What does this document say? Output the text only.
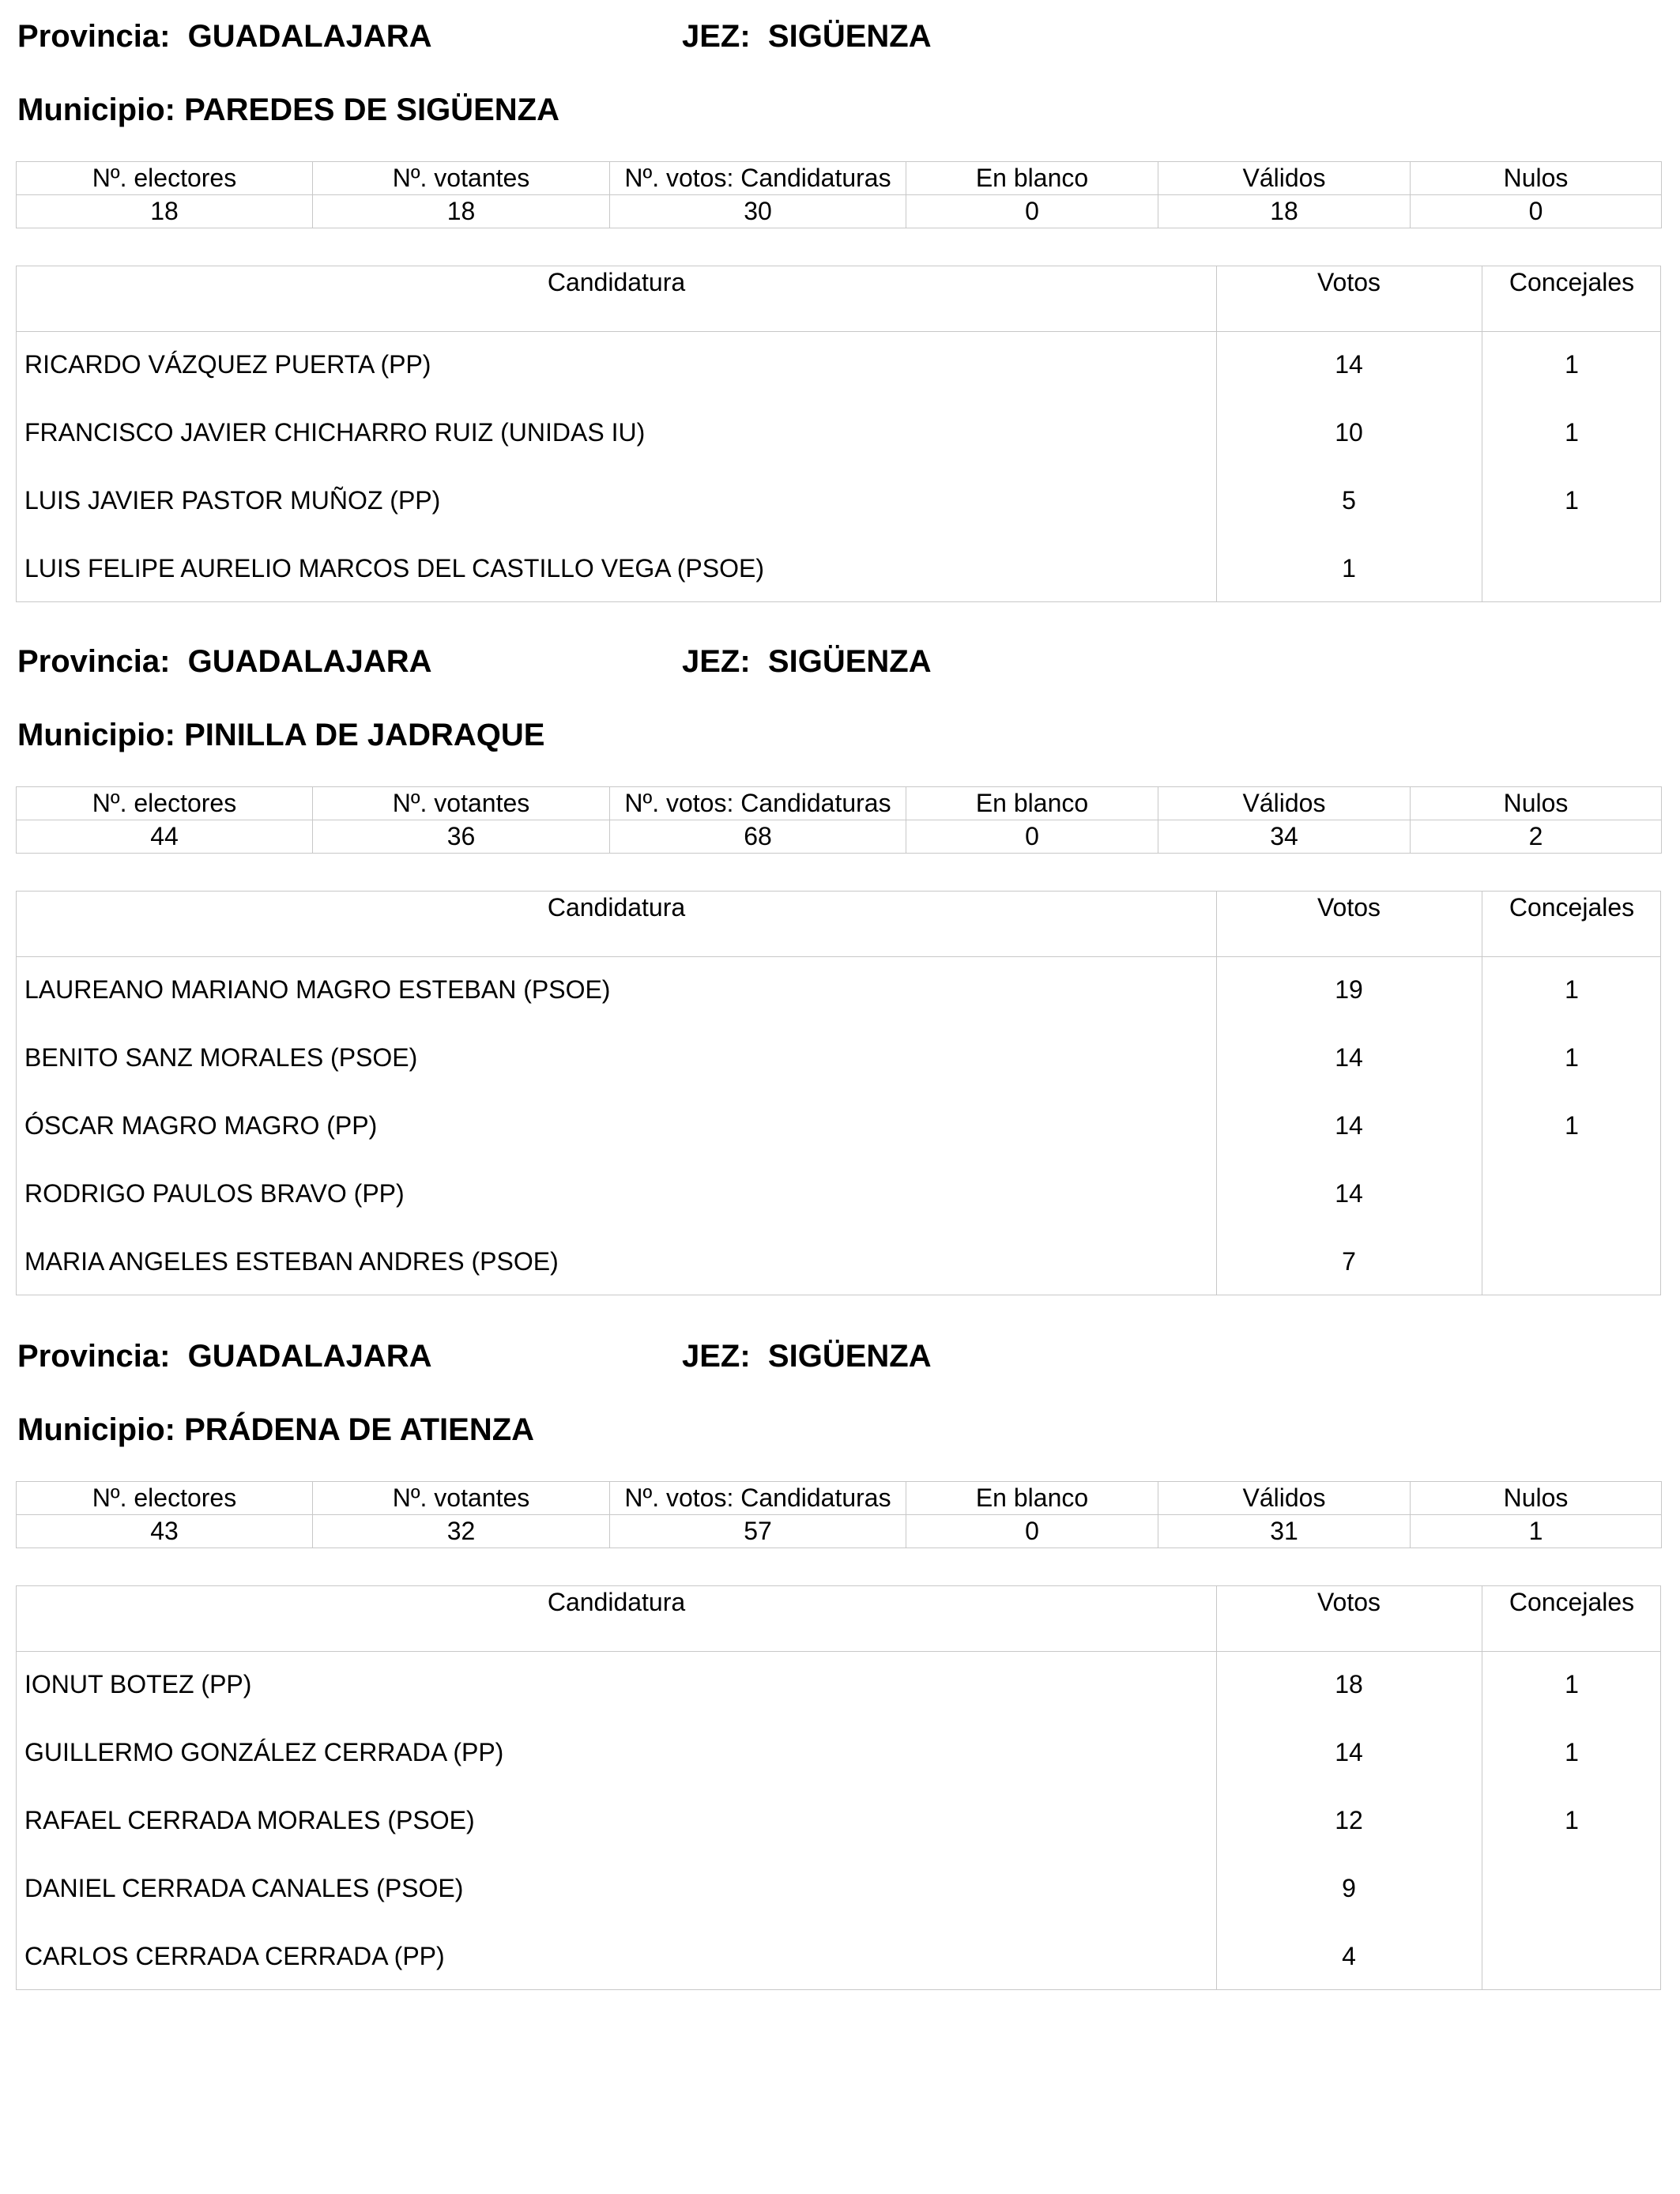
Provincia:  GUADALAJARA	JEZ:  SIGÜENZA
Municipio: PAREDES DE SIGÜENZA
Nº. electores	Nº. votantes	Nº. votos: Candidaturas	En blanco	Válidos	Nulos
18	18	30	0	18	0
Candidatura	Votos	Concejales
RICARDO VÁZQUEZ PUERTA (PP)	14	1
FRANCISCO JAVIER CHICHARRO RUIZ (UNIDAS IU)	10	1
LUIS JAVIER PASTOR MUÑOZ (PP)	5	1
LUIS FELIPE AURELIO MARCOS DEL CASTILLO VEGA (PSOE)	1
Provincia:  GUADALAJARA	JEZ:  SIGÜENZA
Municipio: PINILLA DE JADRAQUE
Nº. electores	Nº. votantes	Nº. votos: Candidaturas	En blanco	Válidos	Nulos
44	36	68	0	34	2
Candidatura	Votos	Concejales
LAUREANO MARIANO MAGRO ESTEBAN (PSOE)	19	1
BENITO SANZ MORALES (PSOE)	14	1
ÓSCAR MAGRO MAGRO (PP)	14	1
RODRIGO PAULOS BRAVO (PP)	14
MARIA ANGELES ESTEBAN ANDRES (PSOE)	7
Provincia:  GUADALAJARA	JEZ:  SIGÜENZA
Municipio: PRÁDENA DE ATIENZA
Nº. electores	Nº. votantes	Nº. votos: Candidaturas	En blanco	Válidos	Nulos
43	32	57	0	31	1
Candidatura	Votos	Concejales
IONUT BOTEZ (PP)	18	1
GUILLERMO GONZÁLEZ CERRADA (PP)	14	1
RAFAEL CERRADA MORALES (PSOE)	12	1
DANIEL CERRADA CANALES (PSOE)	9
CARLOS CERRADA CERRADA (PP)	4
